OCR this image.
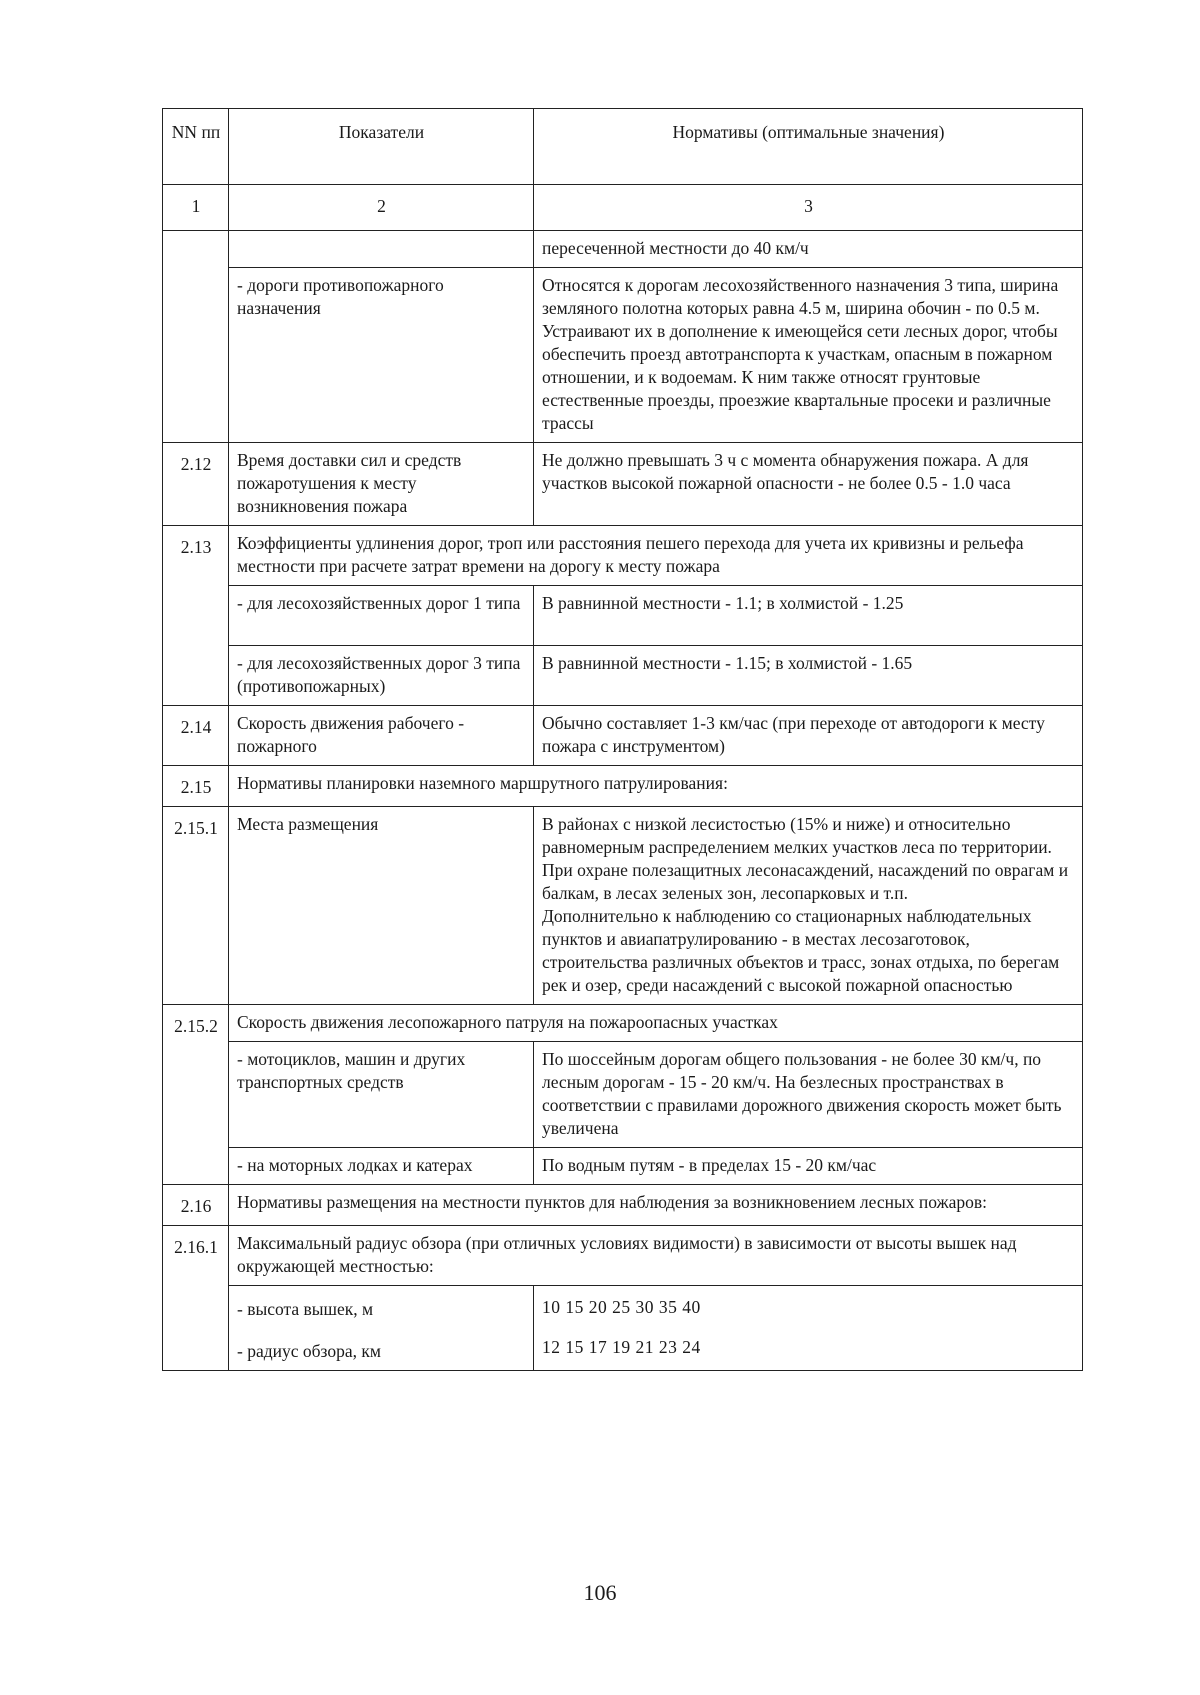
NN пп	Показатели	Нормативы (оптимальные значения)
1	2	3
		пересеченной местности до 40 км/ч
	- дороги противопожарного назначения	Относятся к дорогам лесохозяйственного назначения 3 типа, ширина земляного полотна которых равна 4.5 м, ширина обочин - по 0.5 м. Устраивают их в дополнение к имеющейся сети лесных дорог, чтобы обеспечить проезд автотранспорта к участкам, опасным в пожарном отношении, и к водоемам. К ним также относят грунтовые естественные проезды, проезжие квартальные просеки и различные трассы
2.12	Время доставки сил и средств пожаротушения к месту возникновения пожара	Не должно превышать 3 ч с момента обнаружения пожара. А для участков высокой пожарной опасности - не более 0.5 - 1.0 часа
2.13	Коэффициенты удлинения дорог, троп или расстояния пешего перехода для учета их кривизны и рельефа местности при расчете затрат времени на дорогу к месту пожара	
	- для лесохозяйственных дорог 1 типа	В равнинной местности - 1.1; в холмистой - 1.25
	- для лесохозяйственных дорог 3 типа (противопожарных)	В равнинной местности - 1.15; в холмистой - 1.65
2.14	Скорость движения рабочего - пожарного	Обычно составляет 1-3 км/час (при переходе от автодороги к месту пожара с инструментом)
2.15	Нормативы планировки наземного маршрутного патрулирования:	
2.15.1	Места размещения	В районах с низкой лесистостью (15% и ниже) и относительно равномерным распределением мелких участков леса по территории. При охране полезащитных лесонасаждений, насаждений по оврагам и балкам, в лесах зеленых зон, лесопарковых и т.п.
Дополнительно к наблюдению со стационарных наблюдательных пунктов и авиапатрулированию - в местах лесозаготовок, строительства различных объектов и трасс, зонах отдыха, по берегам рек и озер, среди насаждений с высокой пожарной опасностью

2.15.2	Скорость движения лесопожарного патруля на пожароопасных участках	
	- мотоциклов, машин и других транспортных средств	По шоссейным дорогам общего пользования - не более 30 км/ч, по лесным дорогам - 15 - 20 км/ч. На безлесных пространствах в соответствии с правилами дорожного движения скорость может быть увеличена
	- на моторных лодках и катерах	По водным путям - в пределах 15 - 20 км/час
2.16	Нормативы размещения на местности пунктов для наблюдения за возникновением лесных пожаров:	
2.16.1	Максимальный радиус обзора (при отличных условиях видимости) в зависимости от высоты вышек над окружающей местностью:	
	- высота вышек, м	10 15 20 25 30 35 40
	- радиус обзора, км	12 15 17 19 21 23 24
106
